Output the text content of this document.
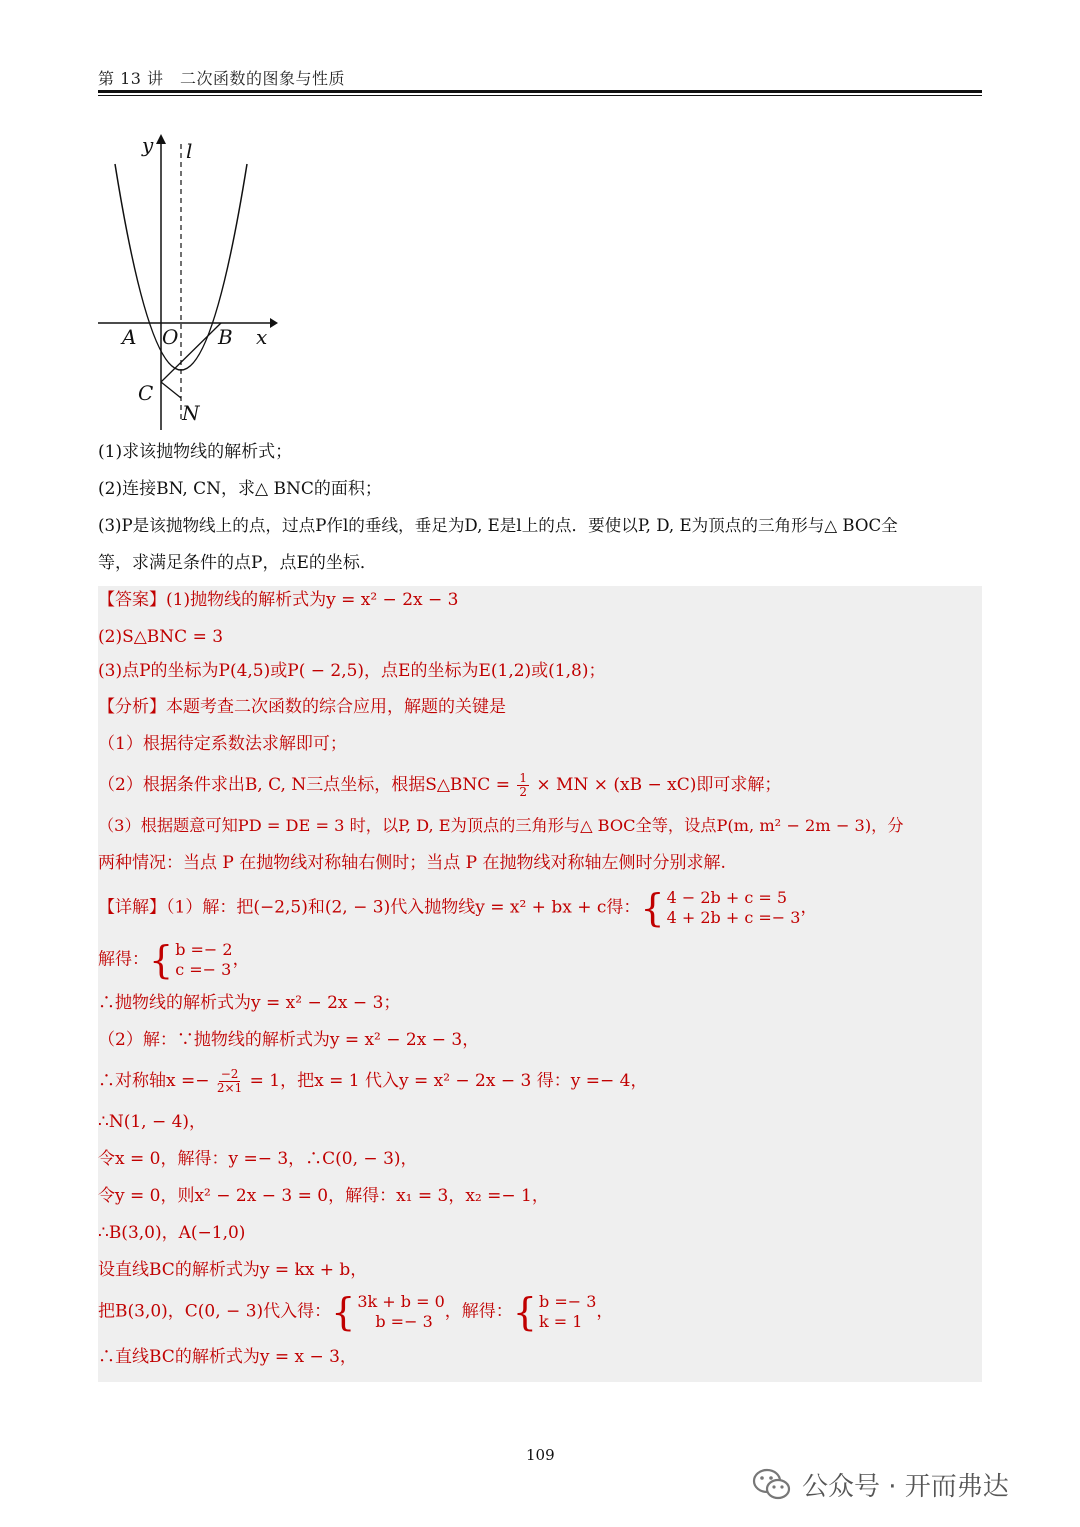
第 13 讲　二次函数的图象与性质
y l
x
A O B
C
N
(1)求该抛物线的解析式；
(2)连接BN, CN，求△ BNC的面积；
(3)P是该抛物线上的点，过点P作l的垂线，垂足为D, E是l上的点．要使以P, D, E为顶点的三角形与△ BOC全
等，求满足条件的点P，点E的坐标．
【答案】(1)抛物线的解析式为y = x² − 2x − 3
(2)S△BNC = 3
(3)点P的坐标为P(4,5)或P( − 2,5)，点E的坐标为E(1,2)或(1,8)；
【分析】本题考查二次函数的综合应用，解题的关键是
（1）根据待定系数法求解即可；
（2）根据条件求出B, C, N三点坐标，根据S△BNC = $\frac{1}{2}$ × MN × (xB − xC)即可求解；
（3）根据题意可知PD = DE = 3 时，以P, D, E为顶点的三角形与△ BOC全等，设点P(m, m² − 2m − 3)，分
两种情况：当点 P 在抛物线对称轴右侧时；当点 P 在抛物线对称轴左侧时分别求解.
【详解】（1）解：把(−2,5)和(2, − 3)代入抛物线y = x² + bx + c得： { 4 − 2b + c = 5
4 + 2b + c =− 3 ，
解得： { b =− 2
c =− 3 ，
∴抛物线的解析式为y = x² − 2x − 3；
（2）解：∵抛物线的解析式为y = x² − 2x − 3，
∴对称轴$x =- \frac{-2}{2\times 1} = 1$，把x = 1 代入y = x² − 2x − 3 得：y =− 4，
∴N(1, − 4)，
令x = 0，解得：y =− 3，∴C(0, − 3)，
令y = 0，则x² − 2x − 3 = 0，解得：x₁ = 3，x₂ =− 1，
∴B(3,0)，A(−1,0)
设直线BC的解析式为y = kx + b，
把B(3,0)，C(0, − 3)代入得： { 3k + b = 0
b =− 3 ，解得： { b =− 3
k = 1 ，
∴直线BC的解析式为y = x − 3，
109
公众号 · 开而弗达
